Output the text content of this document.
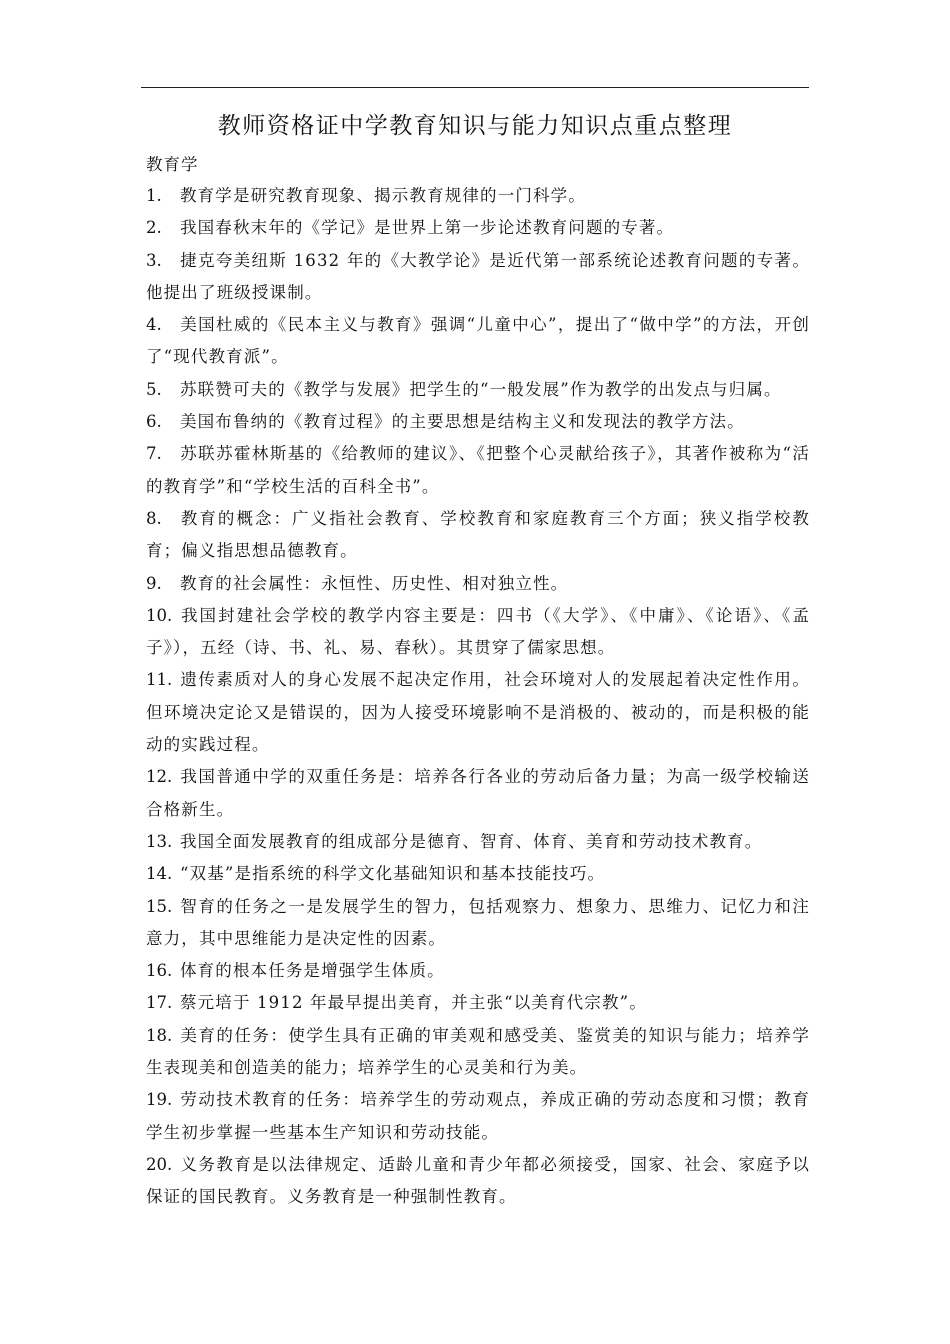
教师资格证中学教育知识与能力知识点重点整理
教育学
1. 教育学是研究教育现象、揭示教育规律的一门科学。
2. 我国春秋末年的《学记》是世界上第一步论述教育问题的专著。
3. 捷克夸美纽斯 1632 年的《大教学论》是近代第一部系统论述教育问题的专著。他提出了班级授课制。
4. 美国杜威的《民本主义与教育》强调“儿童中心”，提出了“做中学”的方法，开创了“现代教育派”。
5. 苏联赞可夫的《教学与发展》把学生的“一般发展”作为教学的出发点与归属。
6. 美国布鲁纳的《教育过程》的主要思想是结构主义和发现法的教学方法。
7. 苏联苏霍林斯基的《给教师的建议》、《把整个心灵献给孩子》，其著作被称为“活的教育学”和“学校生活的百科全书”。
8. 教育的概念：广义指社会教育、学校教育和家庭教育三个方面；狭义指学校教育；偏义指思想品德教育。
9. 教育的社会属性：永恒性、历史性、相对独立性。
10. 我国封建社会学校的教学内容主要是：四书（《大学》、《中庸》、《论语》、《孟子》），五经（诗、书、礼、易、春秋）。其贯穿了儒家思想。
11. 遗传素质对人的身心发展不起决定作用，社会环境对人的发展起着决定性作用。但环境决定论又是错误的，因为人接受环境影响不是消极的、被动的，而是积极的能动的实践过程。
12. 我国普通中学的双重任务是：培养各行各业的劳动后备力量；为高一级学校输送合格新生。
13. 我国全面发展教育的组成部分是德育、智育、体育、美育和劳动技术教育。
14. “双基”是指系统的科学文化基础知识和基本技能技巧。
15. 智育的任务之一是发展学生的智力，包括观察力、想象力、思维力、记忆力和注意力，其中思维能力是决定性的因素。
16. 体育的根本任务是增强学生体质。
17. 蔡元培于 1912 年最早提出美育，并主张“以美育代宗教”。
18. 美育的任务：使学生具有正确的审美观和感受美、鉴赏美的知识与能力；培养学生表现美和创造美的能力；培养学生的心灵美和行为美。
19. 劳动技术教育的任务：培养学生的劳动观点，养成正确的劳动态度和习惯；教育学生初步掌握一些基本生产知识和劳动技能。
20. 义务教育是以法律规定、适龄儿童和青少年都必须接受，国家、社会、家庭予以保证的国民教育。义务教育是一种强制性教育。
